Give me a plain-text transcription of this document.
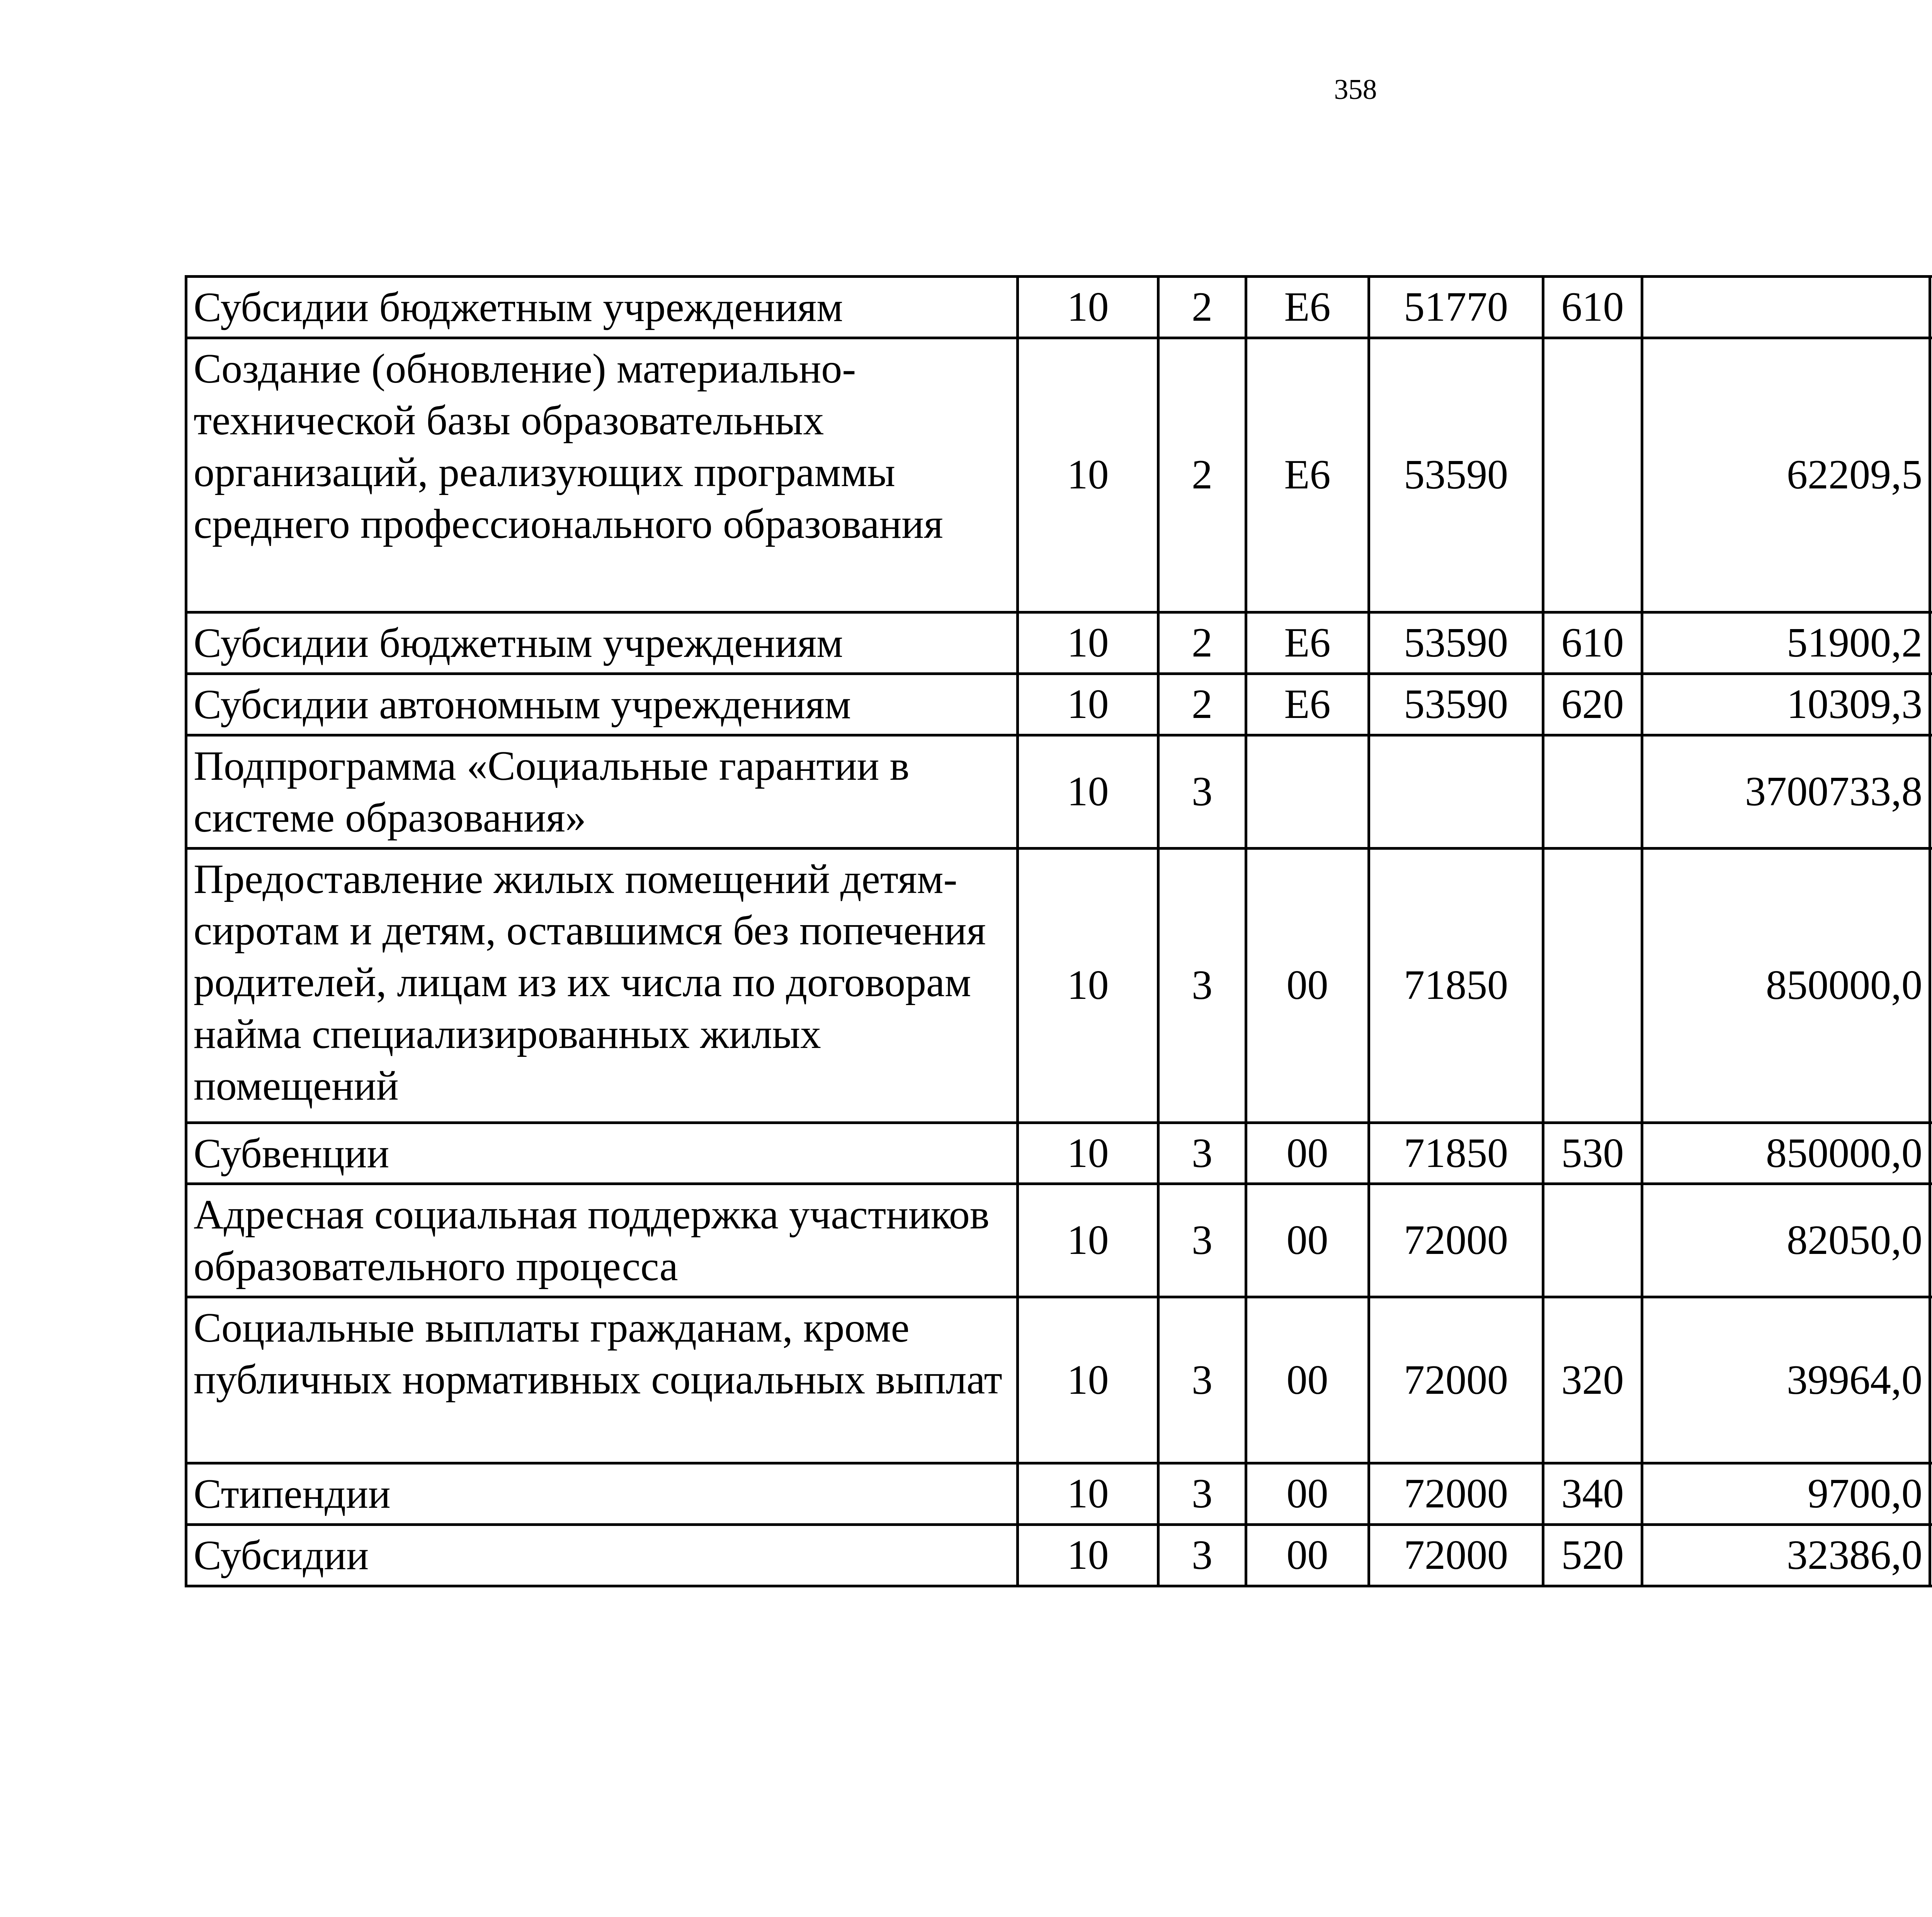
358
Субсидии бюджетным учреждениям	10	2	Е6	51770	610			
Создание (обновление) материально-технической базы образовательных организаций, реализующих программы среднего профессионального образования	10	2	Е6	53590		62209,5		
Субсидии бюджетным учреждениям	10	2	Е6	53590	610	51900,2		
Субсидии автономным учреждениям	10	2	Е6	53590	620	10309,3		
Подпрограмма «Социальные гарантии в системе образования»	10	3				3700733,8		
Предоставление жилых помещений детям-сиротам и детям, оставшимся без попечения родителей, лицам из их числа по договорам найма специализированных жилых помещений	10	3	00	71850		850000,0		
Субвенции	10	3	00	71850	530	850000,0		
Адресная социальная поддержка участников образовательного процесса	10	3	00	72000		82050,0		
Социальные выплаты гражданам, кроме публичных нормативных социальных выплат	10	3	00	72000	320	39964,0		
Стипендии	10	3	00	72000	340	9700,0		
Субсидии	10	3	00	72000	520	32386,0		
